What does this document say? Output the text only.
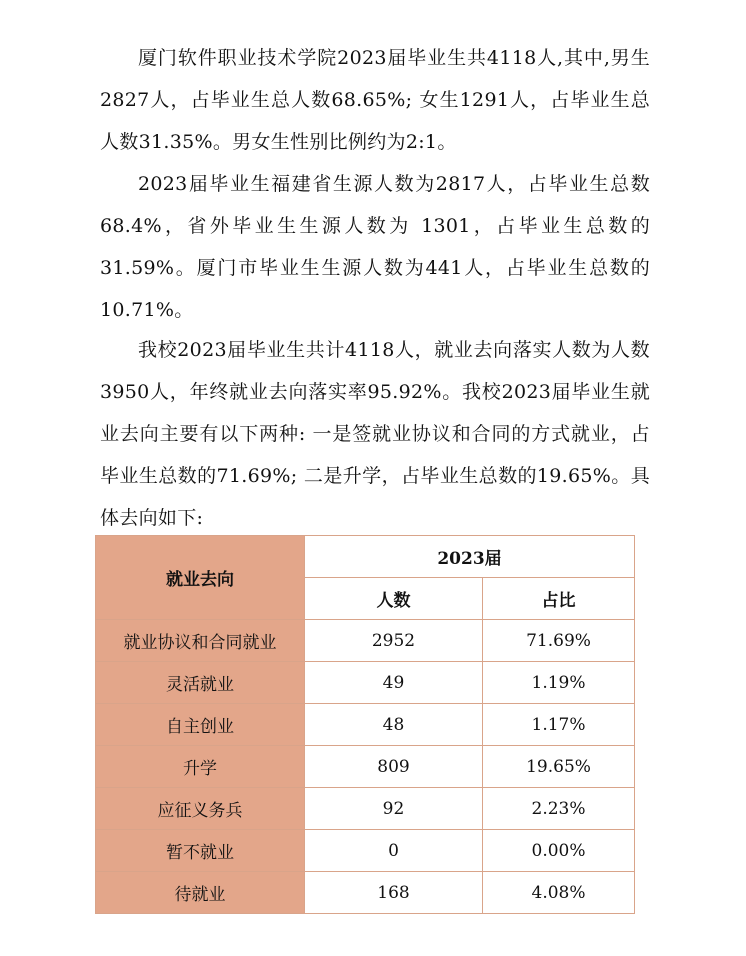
厦门软件职业技术学院2023届毕业生共4118人,其中,男生2827人，占毕业生总人数68.65%; 女生1291人，占毕业生总人数31.35%。男女生性别比例约为2:1。

2023届毕业生福建省生源人数为2817人，占毕业生总数 68.4%，省外毕业生生源人数为 1301，占毕业生总数的31.59%。厦门市毕业生生源人数为441人，占毕业生总数的10.71%。

我校2023届毕业生共计4118人，就业去向落实人数为人数3950人，年终就业去向落实率95.92%。我校2023届毕业生就业去向主要有以下两种: 一是签就业协议和合同的方式就业，占毕业生总数的71.69%; 二是升学，占毕业生总数的19.65%。具体去向如下:

就业去向	2023届	
	人数	占比
就业协议和合同就业	2952	71.69%
灵活就业	49	1.19%
自主创业	48	1.17%
升学	809	19.65%
应征义务兵	92	2.23%
暂不就业	0	0.00%
待就业	168	4.08%
